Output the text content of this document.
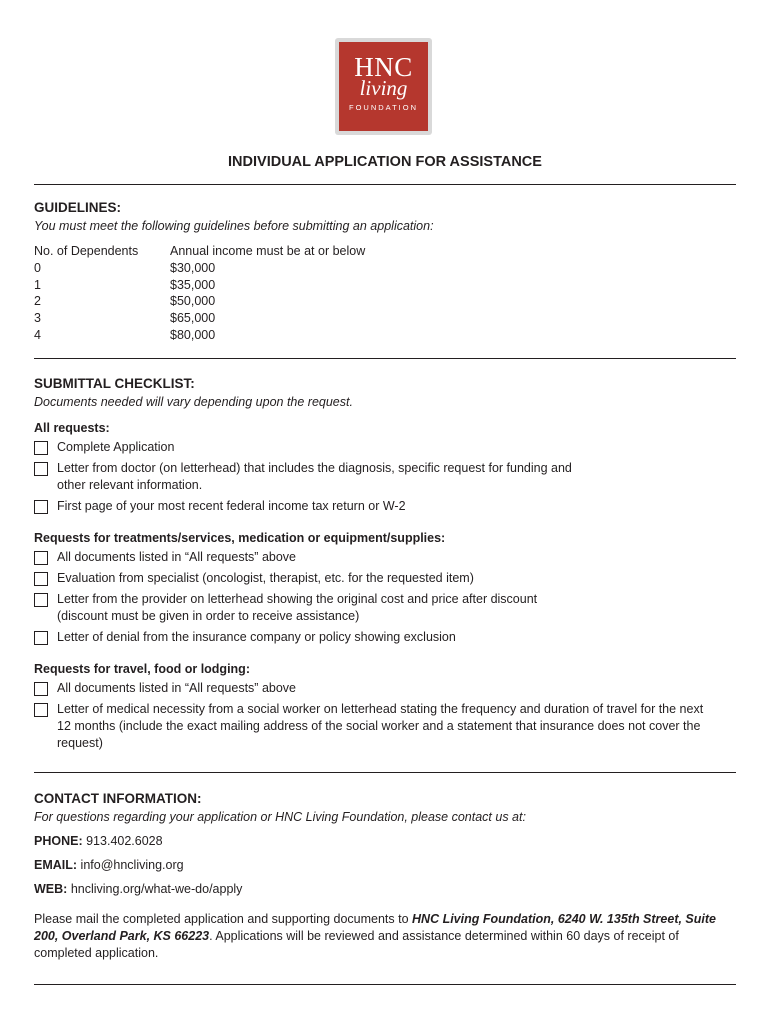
HNC
living
FOUNDATION
INDIVIDUAL APPLICATION FOR ASSISTANCE
GUIDELINES:
You must meet the following guidelines before submitting an application:
No. of Dependents	Annual income must be at or below
0	$30,000
1	$35,000
2	$50,000
3	$65,000
4	$80,000
SUBMITTAL CHECKLIST:
Documents needed will vary depending upon the request.
All requests:
Complete Application
Letter from doctor (on letterhead) that includes the diagnosis, specific request for funding and other relevant information.
First page of your most recent federal income tax return or W-2
Requests for treatments/services, medication or equipment/supplies:
All documents listed in “All requests” above
Evaluation from specialist (oncologist, therapist, etc. for the requested item)
Letter from the provider on letterhead showing the original cost and price after discount (discount must be given in order to receive assistance)
Letter of denial from the insurance company or policy showing exclusion
Requests for travel, food or lodging:
All documents listed in “All requests” above
Letter of medical necessity from a social worker on letterhead stating the frequency and duration of travel for the next 12 months (include the exact mailing address of the social worker and a statement that insurance does not cover the request)
CONTACT INFORMATION:
For questions regarding your application or HNC Living Foundation, please contact us at:
PHONE: 913.402.6028
EMAIL: info@hncliving.org
WEB: hncliving.org/what-we-do/apply
Please mail the completed application and supporting documents to HNC Living Foundation, 6240 W. 135th Street, Suite 200, Overland Park, KS 66223. Applications will be reviewed and assistance determined within 60 days of receipt of completed application.
